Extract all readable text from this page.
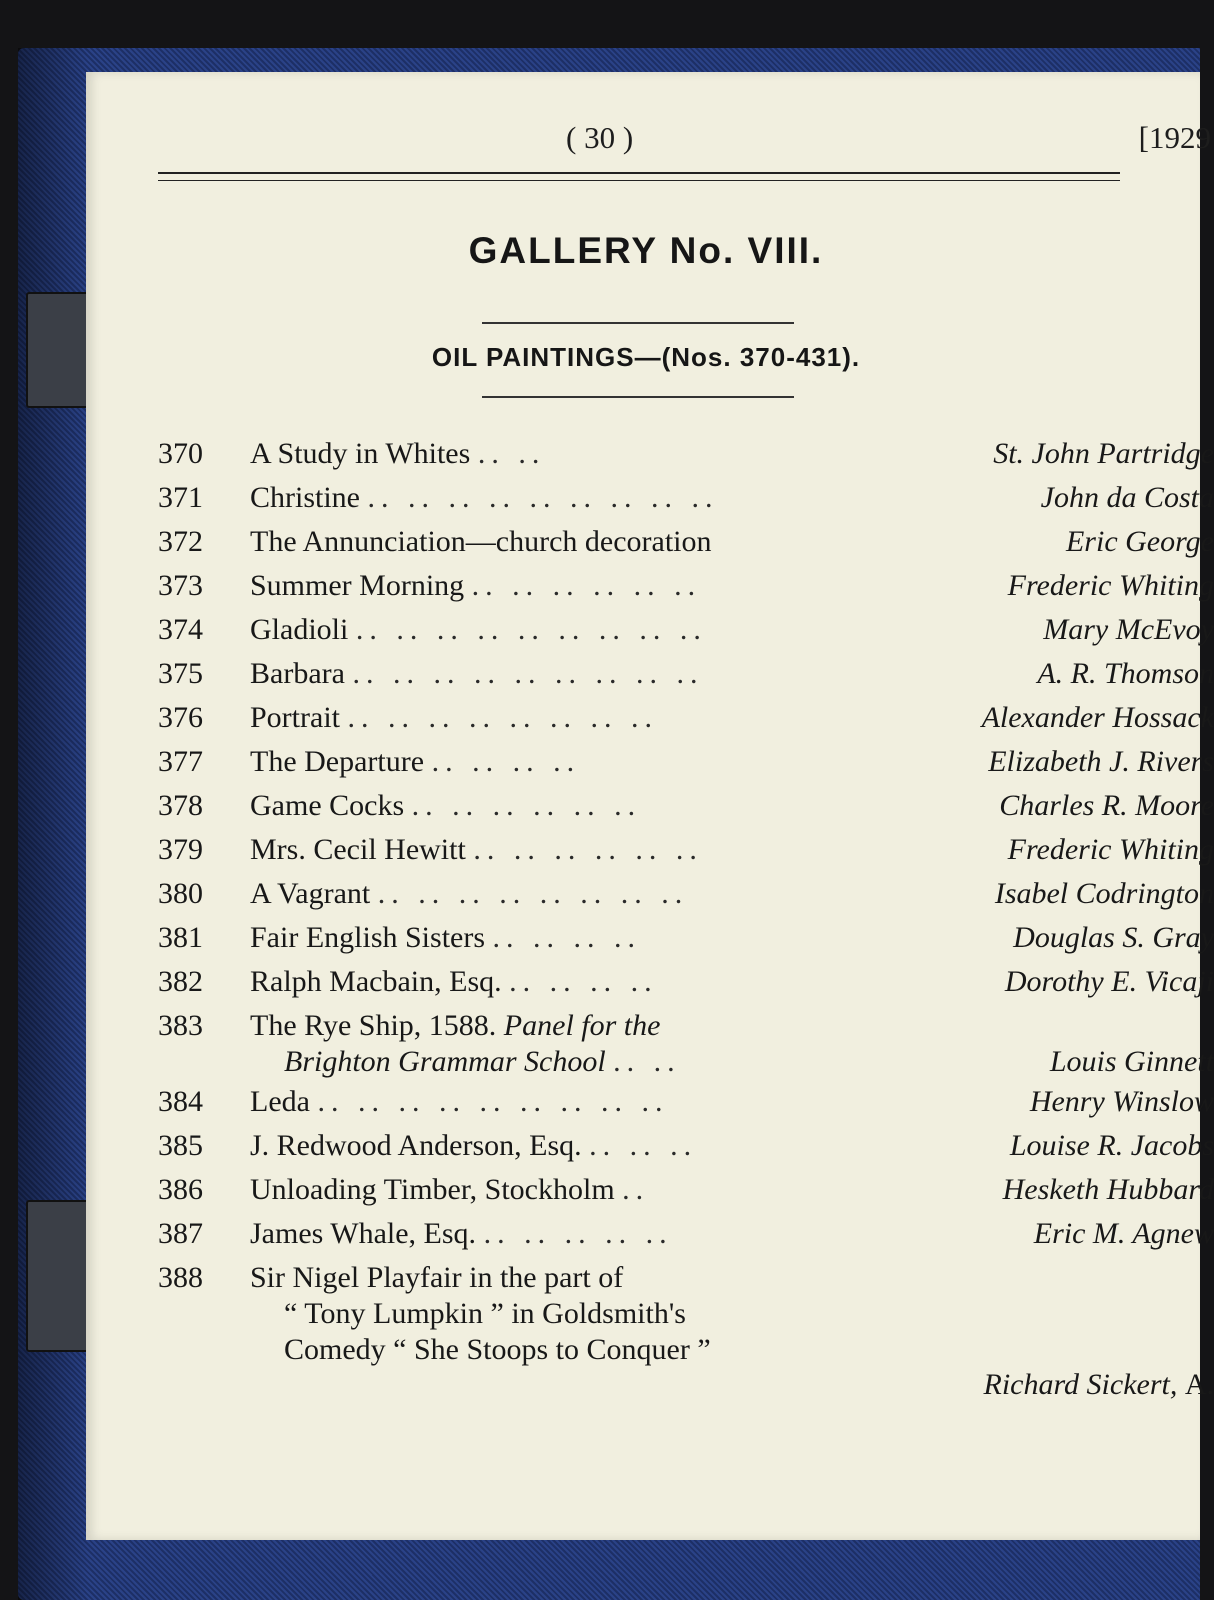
( 30 )	[1929
GALLERY No. VIII.
OIL PAINTINGS—(Nos. 370-431).
370	A Study in Whites .. ..	St. John Partridge
371	Christine .. .. .. .. .. .. .. .. ..	John da Costa
372	The Annunciation—church decoration	Eric George
373	Summer Morning .. .. .. .. .. ..	Frederic Whiting
374	Gladioli .. .. .. .. .. .. .. .. ..	Mary McEvoy
375	Barbara .. .. .. .. .. .. .. .. ..	A. R. Thomson
376	Portrait .. .. .. .. .. .. .. ..	Alexander Hossack
377	The Departure .. .. .. ..	Elizabeth J. Rivers
378	Game Cocks .. .. .. .. .. ..	Charles R. Moore
379	Mrs. Cecil Hewitt .. .. .. .. .. ..	Frederic Whiting
380	A Vagrant .. .. .. .. .. .. .. ..	Isabel Codrington
381	Fair English Sisters .. .. .. ..	Douglas S. Gray
382	Ralph Macbain, Esq. .. .. .. ..	Dorothy E. Vicaji
383	The Rye Ship, 1588. Panel for the
Brighton Grammar School .. ..	Louis Ginnett
384	Leda .. .. .. .. .. .. .. .. ..	Henry Winslow
385	J. Redwood Anderson, Esq. .. .. ..	Louise R. Jacobs
386	Unloading Timber, Stockholm ..	Hesketh Hubbard
387	James Whale, Esq. .. .. .. .. ..	Eric M. Agnew
388	Sir Nigel Playfair in the part of
“ Tony Lumpkin ” in Goldsmith's
Comedy “ She Stoops to Conquer ”
Richard Sickert, A.
